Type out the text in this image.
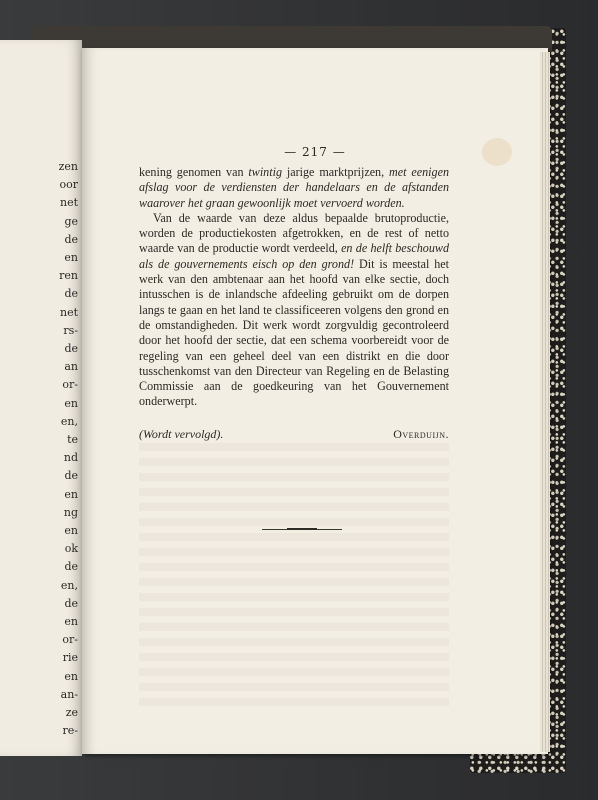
zen
oor
net
ge
de
en
ren
de
net
rs-
de
an
or-
en
en,
te
nd
de
en
ng
en
ok
de
en,
de
en
or-
rie
en
an-
ze
re-
— 217 —

kening genomen van twintig jarige marktprijzen, met eenigen afslag voor de verdiensten der handelaars en de afstanden waarover het graan gewoonlijk moet vervoerd worden.

Van de waarde van deze aldus bepaalde brutoproductie, worden de productiekosten afgetrokken, en de rest of netto waarde van de productie wordt verdeeld, en de helft beschouwd als de gouvernements eisch op den grond! Dit is meestal het werk van den ambtenaar aan het hoofd van elke sectie, doch intusschen is de inlandsche afdeeling gebruikt om de dorpen langs te gaan en het land te classificeeren volgens den grond en de omstandigheden. Dit werk wordt zorgvuldig gecontroleerd door het hoofd der sectie, dat een schema voorbereidt voor de regeling van een geheel deel van een distrikt en die door tusschenkomst van den Directeur van Regeling en de Belasting Commissie aan de goedkeuring van het Gouvernement onderwerpt.

(Wordt vervolgd).	Overduijn.
